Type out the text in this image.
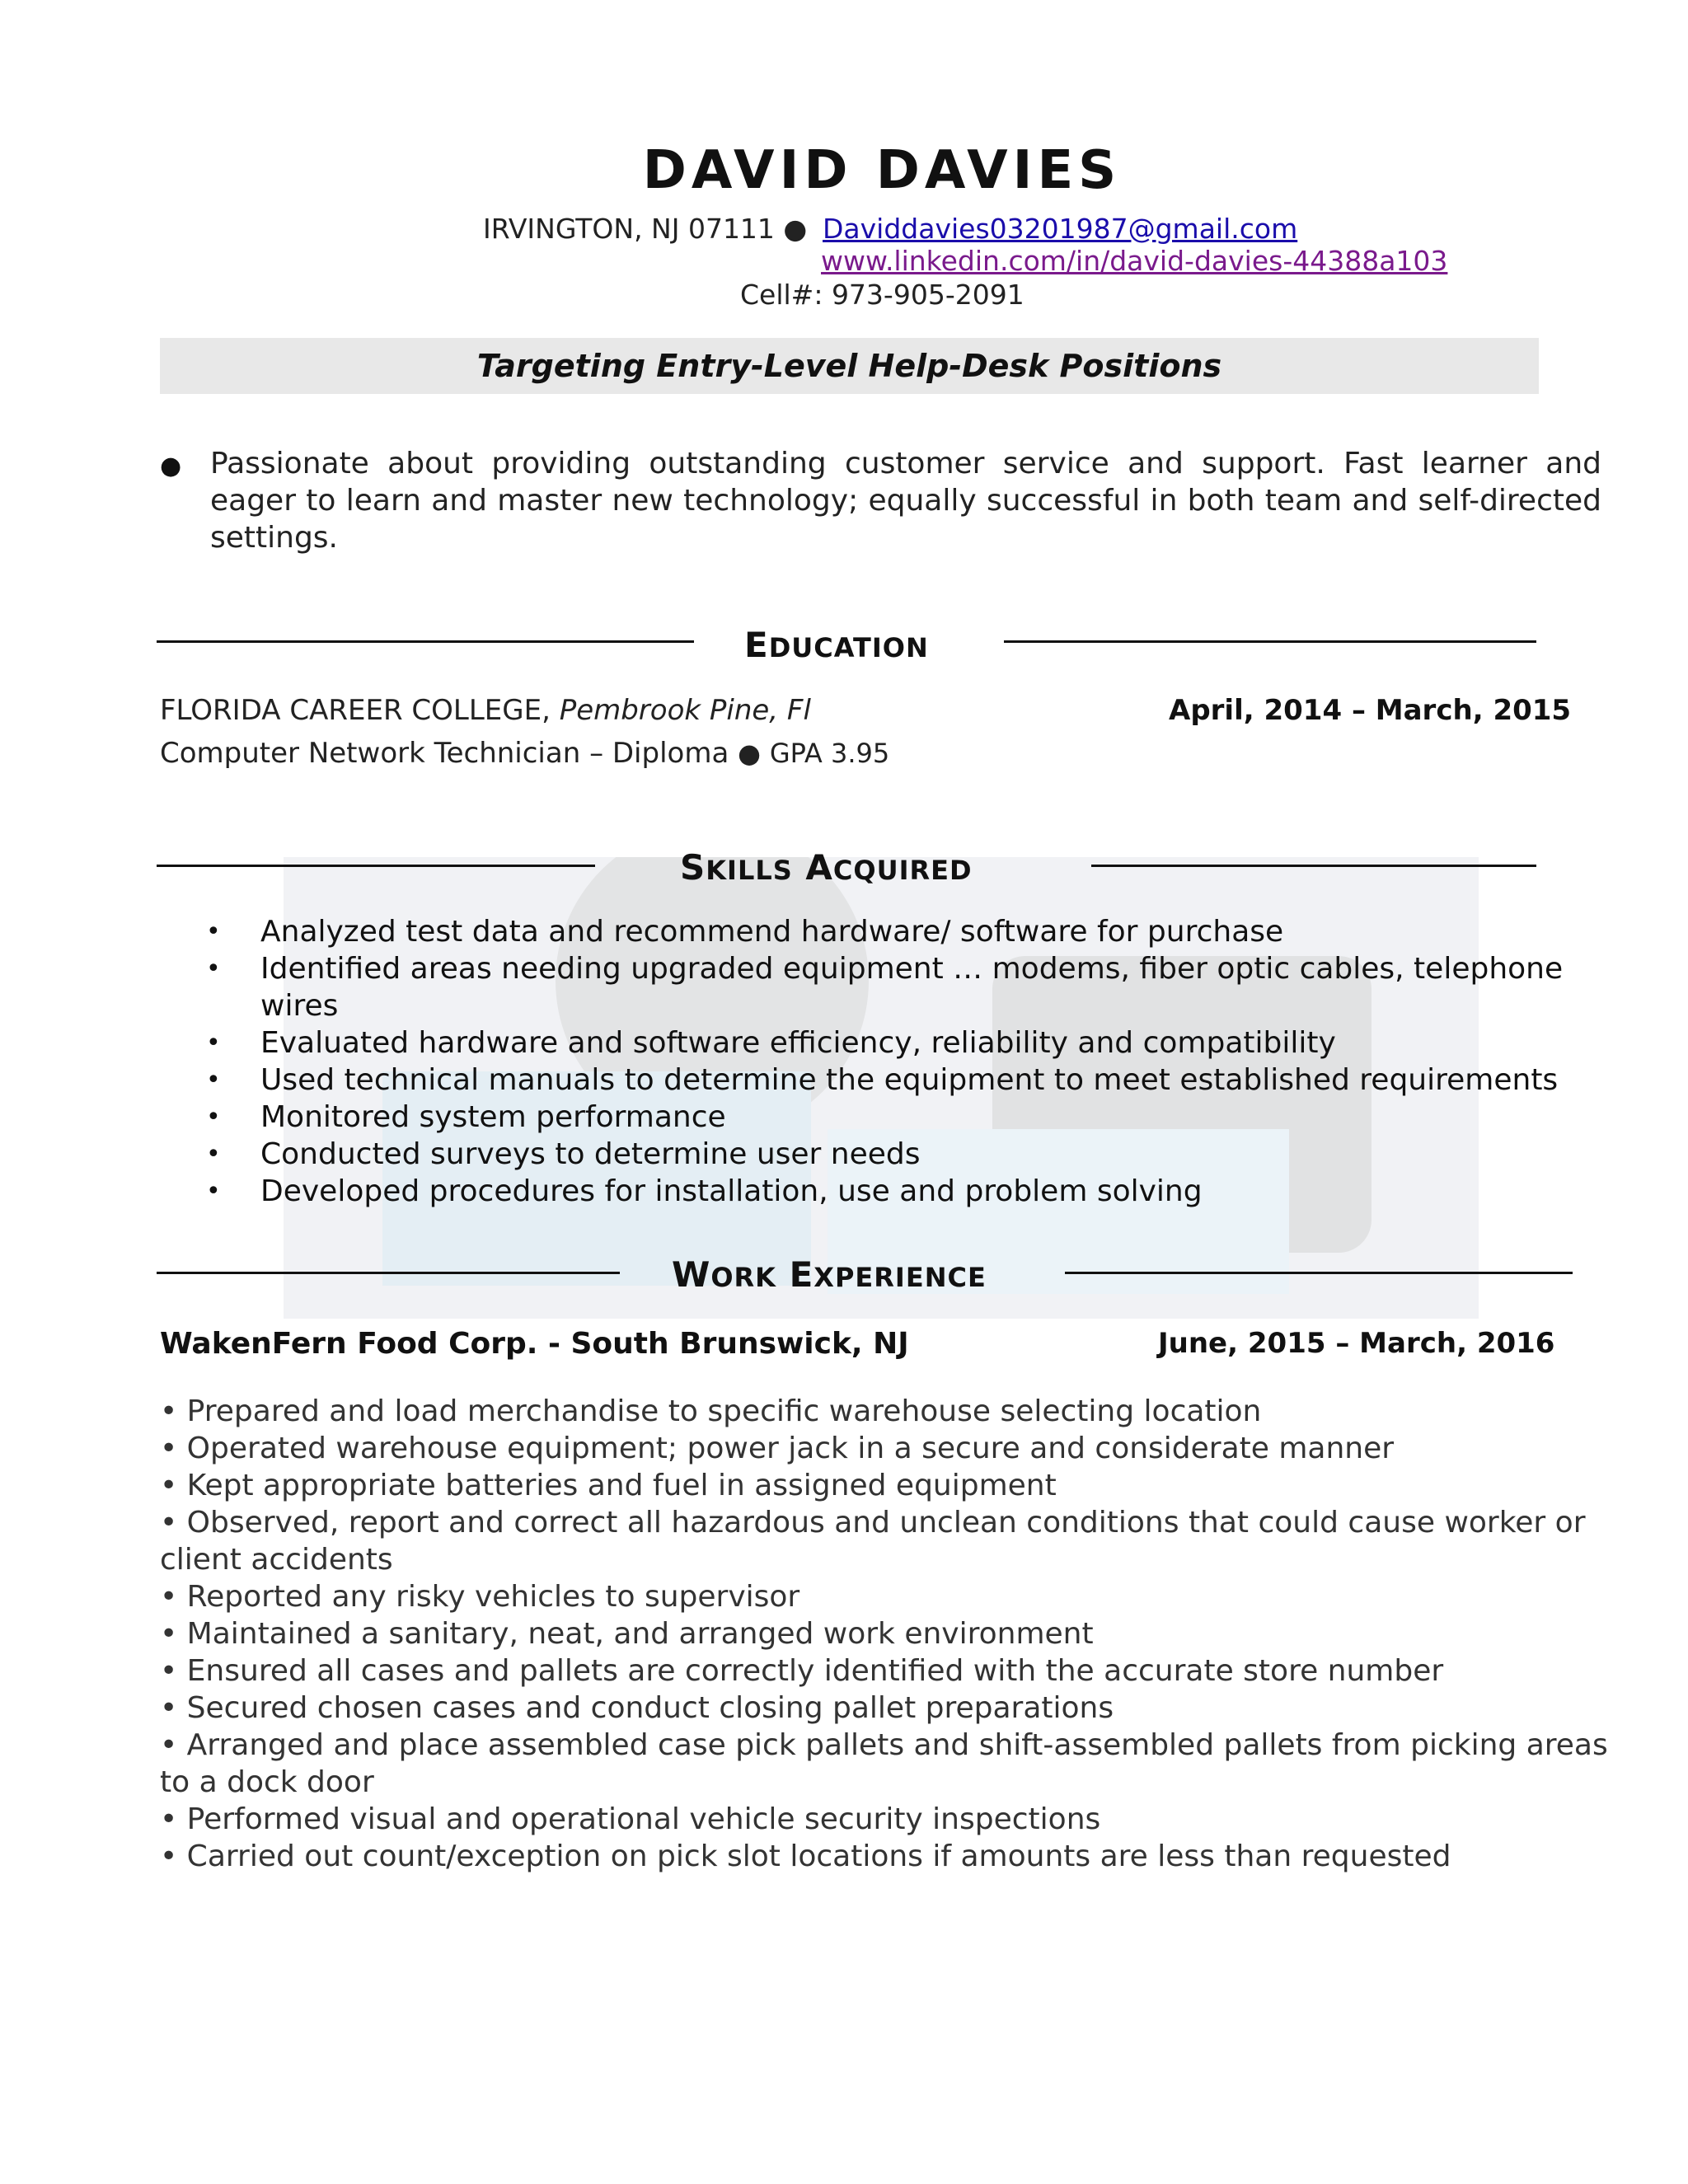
DAVID DAVIES
IRVINGTON, NJ 07111 ● Daviddavies03201987@gmail.com
www.linkedin.com/in/david-davies-44388a103
Cell#: 973-905-2091
Targeting Entry-Level Help-Desk Positions
● Passionate about providing outstanding customer service and support. Fast learner and eager to learn and master new technology; equally successful in both team and self-directed settings.
EDUCATION
FLORIDA CAREER COLLEGE, Pembrook Pine, Fl	April, 2014 – March, 2015
Computer Network Technician – Diploma ● GPA 3.95
SKILLS ACQUIRED
• Analyzed test data and recommend hardware/ software for purchase
• Identified areas needing upgraded equipment … modems, fiber optic cables, telephone wires
• Evaluated hardware and software efficiency, reliability and compatibility
• Used technical manuals to determine the equipment to meet established requirements
• Monitored system performance
• Conducted surveys to determine user needs
• Developed procedures for installation, use and problem solving
WORK EXPERIENCE
WakenFern Food Corp. - South Brunswick, NJ	June, 2015 – March, 2016
• Prepared and load merchandise to specific warehouse selecting location
• Operated warehouse equipment; power jack in a secure and considerate manner
• Kept appropriate batteries and fuel in assigned equipment
• Observed, report and correct all hazardous and unclean conditions that could cause worker or client accidents
• Reported any risky vehicles to supervisor
• Maintained a sanitary, neat, and arranged work environment
• Ensured all cases and pallets are correctly identified with the accurate store number
• Secured chosen cases and conduct closing pallet preparations
• Arranged and place assembled case pick pallets and shift-assembled pallets from picking areas to a dock door
• Performed visual and operational vehicle security inspections
• Carried out count/exception on pick slot locations if amounts are less than requested
